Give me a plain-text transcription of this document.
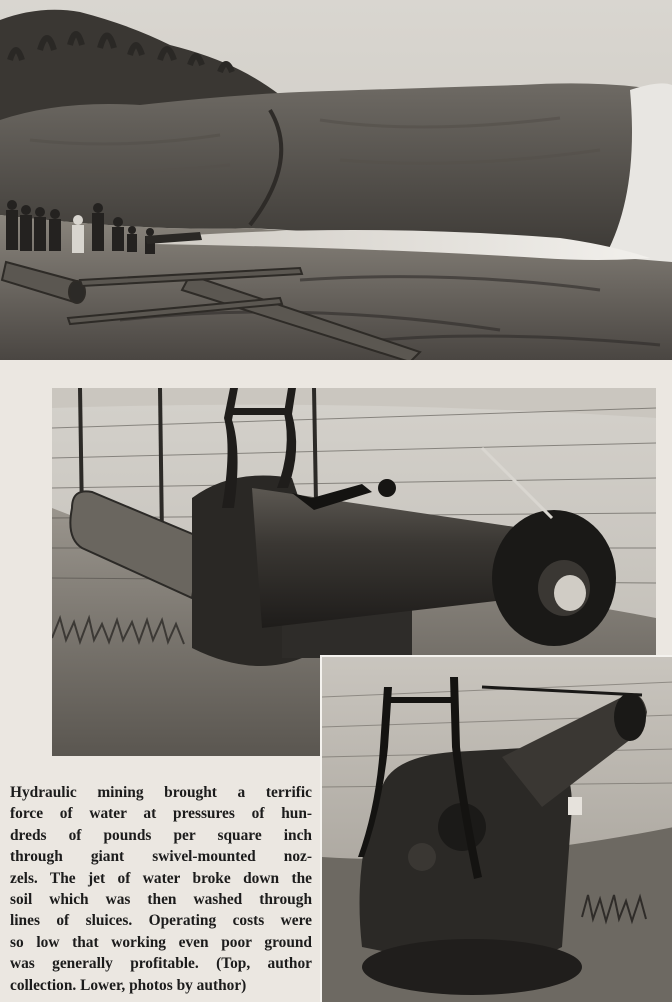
Hydraulic mining brought a terrific
force of water at pressures of hun-
dreds of pounds per square inch
through giant swivel-mounted noz-
zels. The jet of water broke down the
soil which was then washed through
lines of sluices. Operating costs were
so low that working even poor ground
was generally profitable. (Top, author
collection. Lower, photos by author)
